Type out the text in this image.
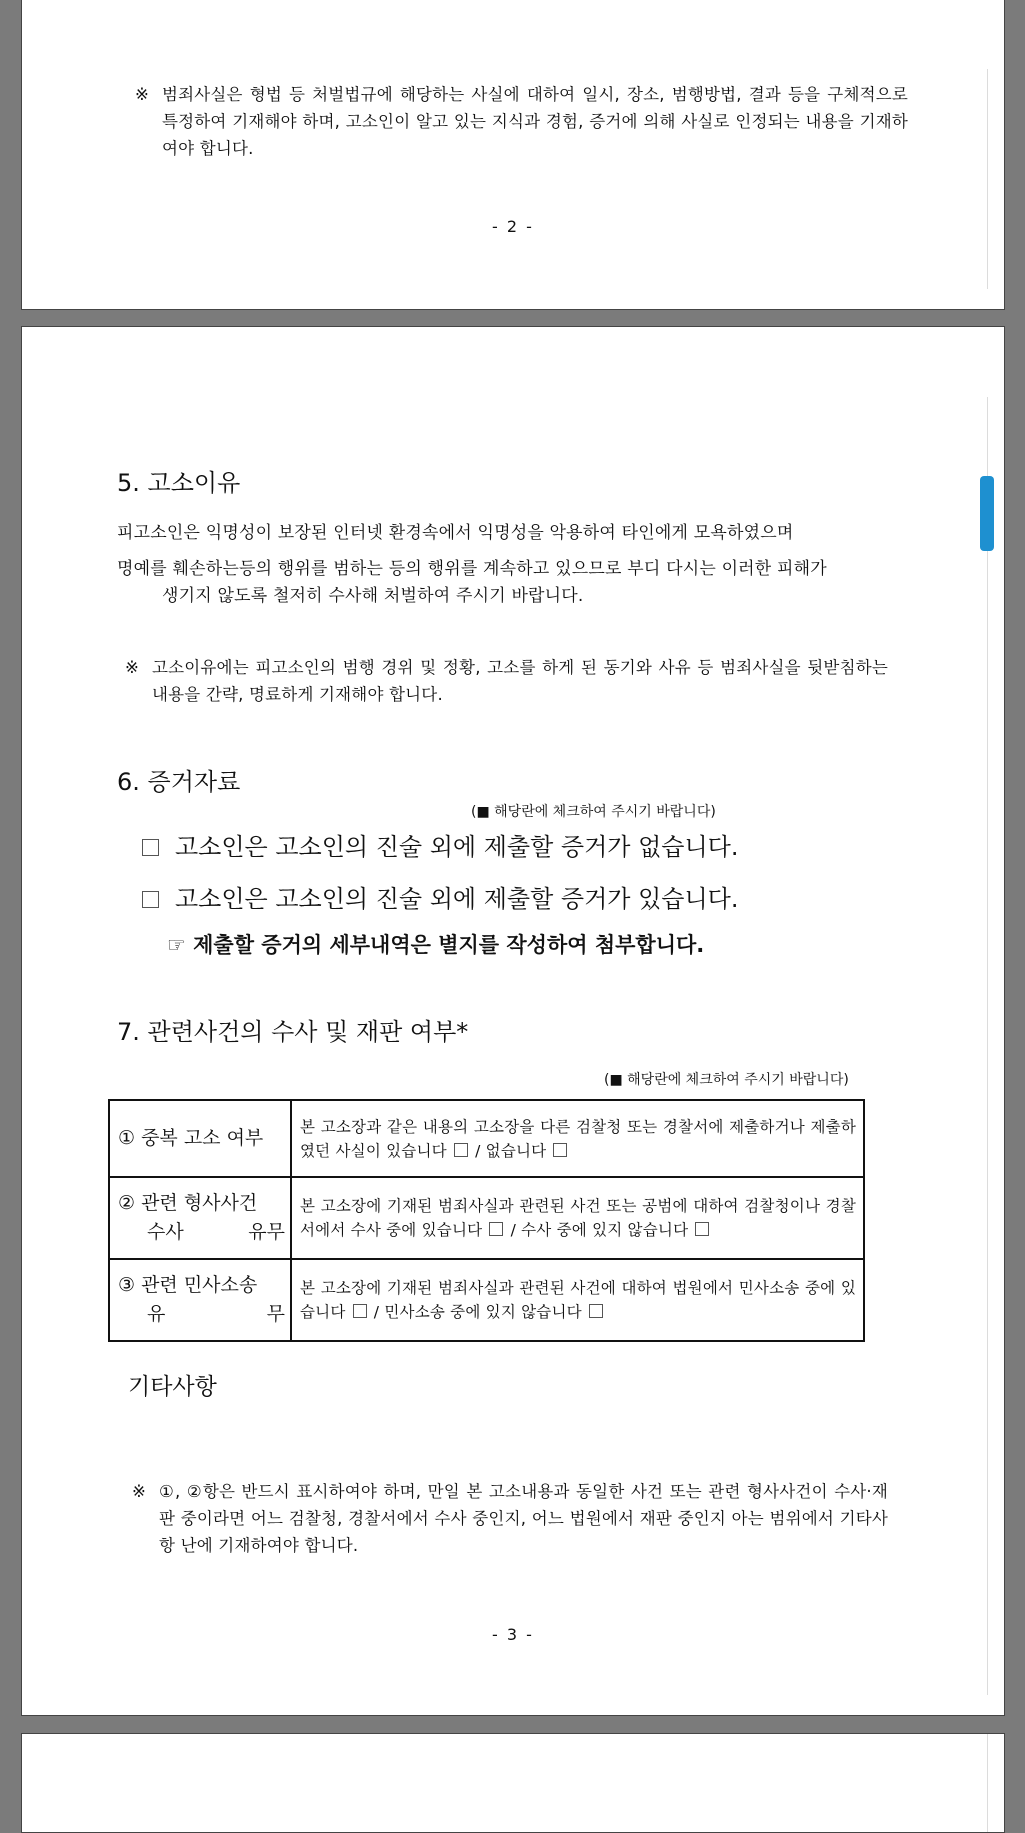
※ 범죄사실은 형법 등 처벌법규에 해당하는 사실에 대하여 일시, 장소, 범행방법, 결과 등을 구체적으로 특정하여 기재해야 하며, 고소인이 알고 있는 지식과 경험, 증거에 의해 사실로 인정되는 내용을 기재하여야 합니다.
- 2 -
5. 고소이유
피고소인은 익명성이 보장된 인터넷 환경속에서 익명성을 악용하여 타인에게 모욕하였으며
명예를 훼손하는등의 행위를 범하는 등의 행위를 계속하고 있으므로 부디 다시는 이러한 피해가
생기지 않도록 철저히 수사해 처벌하여 주시기 바랍니다.
※ 고소이유에는 피고소인의 범행 경위 및 정황, 고소를 하게 된 동기와 사유 등 범죄사실을 뒷받침하는 내용을 간략, 명료하게 기재해야 합니다.
6. 증거자료
(■ 해당란에 체크하여 주시기 바랍니다)
고소인은 고소인의 진술 외에 제출할 증거가 없습니다.
고소인은 고소인의 진술 외에 제출할 증거가 있습니다.
☞ 제출할 증거의 세부내역은 별지를 작성하여 첨부합니다.
7. 관련사건의 수사 및 재판 여부*
(■ 해당란에 체크하여 주시기 바랍니다)
① 중복 고소 여부	본 고소장과 같은 내용의 고소장을 다른 검찰청 또는 경찰서에 제출하거나 제출하였던 사실이 있습니다  / 없습니다

② 관련 형사사건
수사 유무	본 고소장에 기재된 범죄사실과 관련된 사건 또는 공범에 대하여 검찰청이나 경찰서에서 수사 중에 있습니다  / 수사 중에 있지 않습니다

③ 관련 민사소송
유 무	본 고소장에 기재된 범죄사실과 관련된 사건에 대하여 법원에서 민사소송 중에 있습니다  / 민사소송 중에 있지 않습니다
기타사항
※ ①, ②항은 반드시 표시하여야 하며, 만일 본 고소내용과 동일한 사건 또는 관련 형사사건이 수사·재판 중이라면 어느 검찰청, 경찰서에서 수사 중인지, 어느 법원에서 재판 중인지 아는 범위에서 기타사항 난에 기재하여야 합니다.
- 3 -
